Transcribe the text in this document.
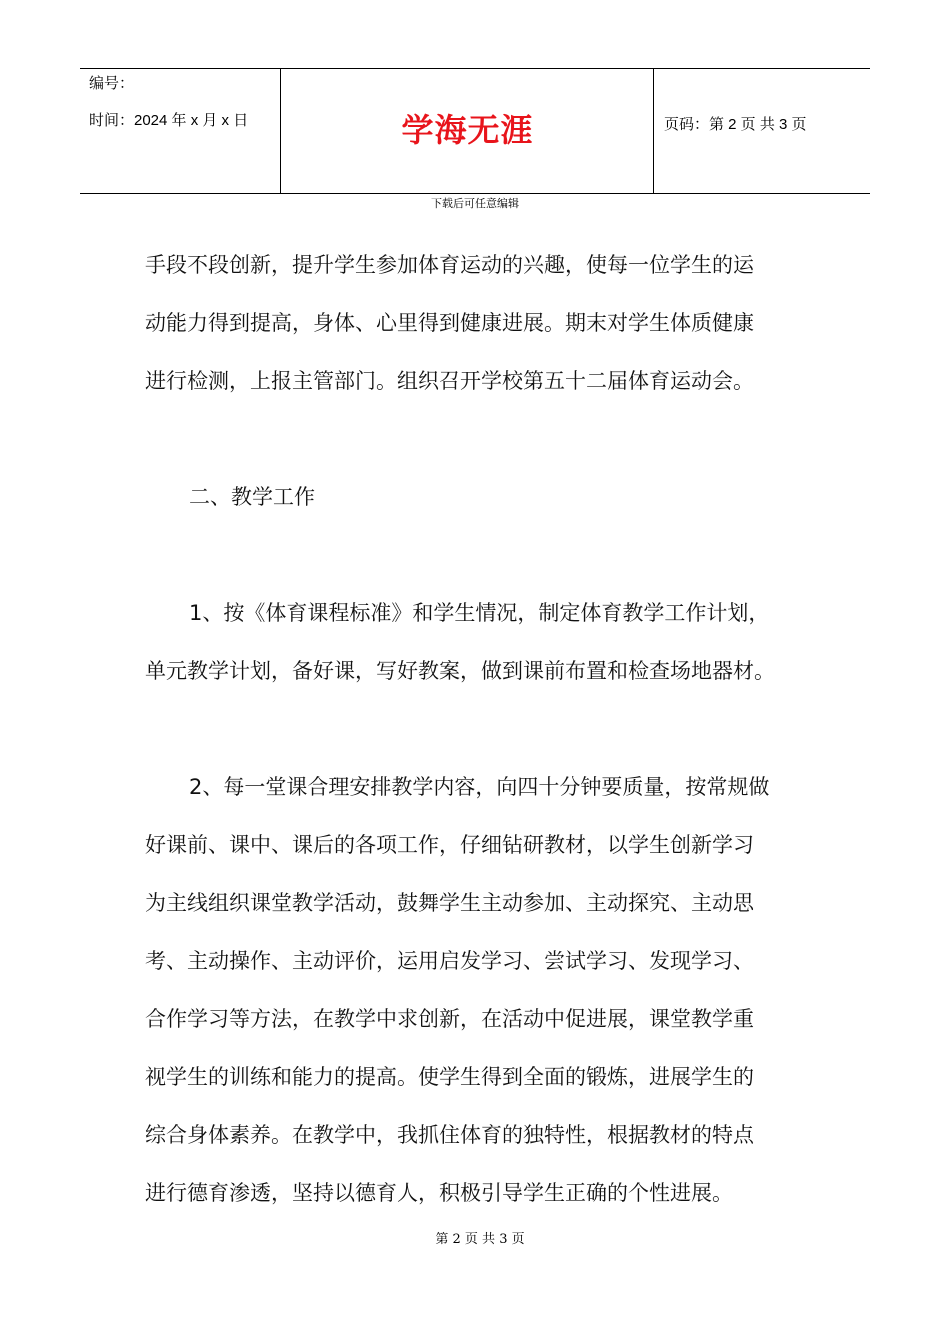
编号：
时间：2024 年 x 月 x 日	学海无涯	页码：第 2 页 共 3 页
下载后可任意编辑

手段不段创新，提升学生参加体育运动的兴趣，使每一位学生的运
动能力得到提高，身体、心里得到健康进展。期末对学生体质健康
进行检测，上报主管部门。组织召开学校第五十二届体育运动会。

二、教学工作

1、按《体育课程标准》和学生情况，制定体育教学工作计划，
单元教学计划，备好课，写好教案，做到课前布置和检查场地器材。

2、每一堂课合理安排教学内容，向四十分钟要质量，按常规做
好课前、课中、课后的各项工作，仔细钻研教材，以学生创新学习
为主线组织课堂教学活动，鼓舞学生主动参加、主动探究、主动思
考、主动操作、主动评价，运用启发学习、尝试学习、发现学习、
合作学习等方法，在教学中求创新，在活动中促进展，课堂教学重
视学生的训练和能力的提高。使学生得到全面的锻炼，进展学生的
综合身体素养。在教学中，我抓住体育的独特性，根据教材的特点
进行德育渗透，坚持以德育人，积极引导学生正确的个性进展。

第 2 页 共 3 页
